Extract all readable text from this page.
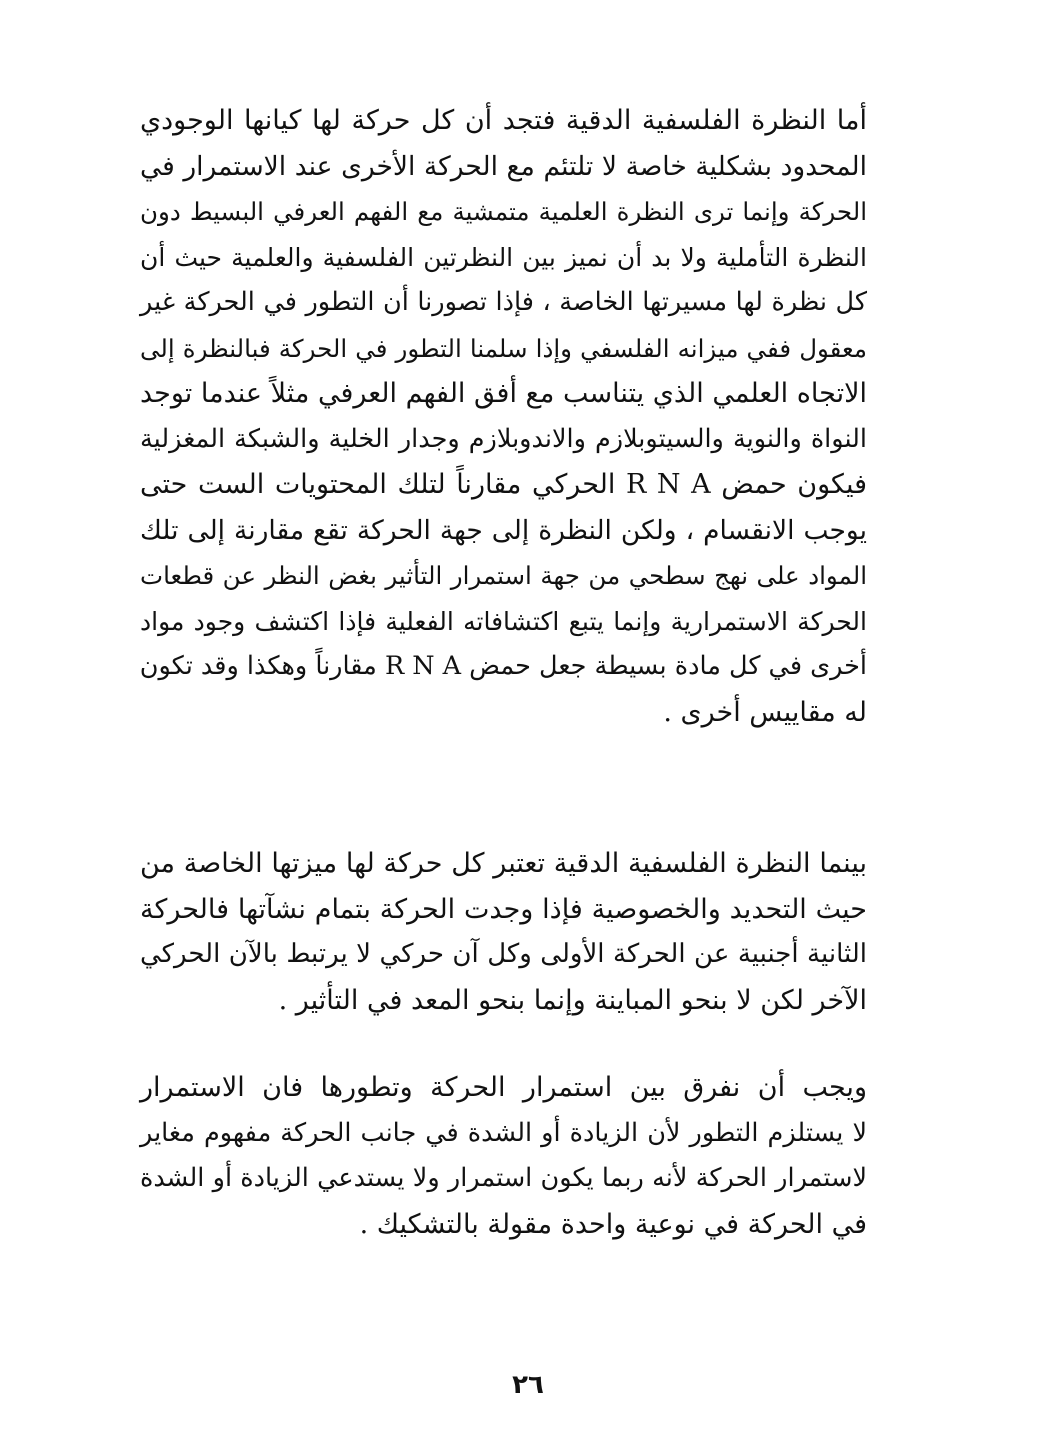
أما النظرة الفلسفية الدقية فتجد أن كل حركة لها كيانها الوجودي
المحدود بشكلية خاصة لا تلتئم مع الحركة الأخرى عند الاستمرار في
الحركة وإنما ترى النظرة العلمية متمشية مع الفهم العرفي البسيط دون
النظرة التأملية ولا بد أن نميز بين النظرتين الفلسفية والعلمية حيث أن
كل نظرة لها مسيرتها الخاصة ، فإذا تصورنا أن التطور في الحركة غير
معقول ففي ميزانه الفلسفي وإذا سلمنا التطور في الحركة فبالنظرة إلى
الاتجاه العلمي الذي يتناسب مع أفق الفهم العرفي مثلاً عندما توجد
النواة والنوية والسيتوبلازم والاندوبلازم وجدار الخلية والشبكة المغزلية
فيكون حمض R N A الحركي مقارناً لتلك المحتويات الست حتى
يوجب الانقسام ، ولكن النظرة إلى جهة الحركة تقع مقارنة إلى تلك
المواد على نهج سطحي من جهة استمرار التأثير بغض النظر عن قطعات
الحركة الاستمرارية وإنما يتبع اكتشافاته الفعلية فإذا اكتشف وجود مواد
أخرى في كل مادة بسيطة جعل حمض R N A مقارناً وهكذا وقد تكون
له مقاييس أخرى .
بينما النظرة الفلسفية الدقية تعتبر كل حركة لها ميزتها الخاصة من
حيث التحديد والخصوصية فإذا وجدت الحركة بتمام نشآتها فالحركة
الثانية أجنبية عن الحركة الأولى وكل آن حركي لا يرتبط بالآن الحركي
الآخر لكن لا بنحو المباينة وإنما بنحو المعد في التأثير .
ويجب أن نفرق بين استمرار الحركة وتطورها فان الاستمرار
لا يستلزم التطور لأن الزيادة أو الشدة في جانب الحركة مفهوم مغاير
لاستمرار الحركة لأنه ربما يكون استمرار ولا يستدعي الزيادة أو الشدة
في الحركة في نوعية واحدة مقولة بالتشكيك .
٢٦
